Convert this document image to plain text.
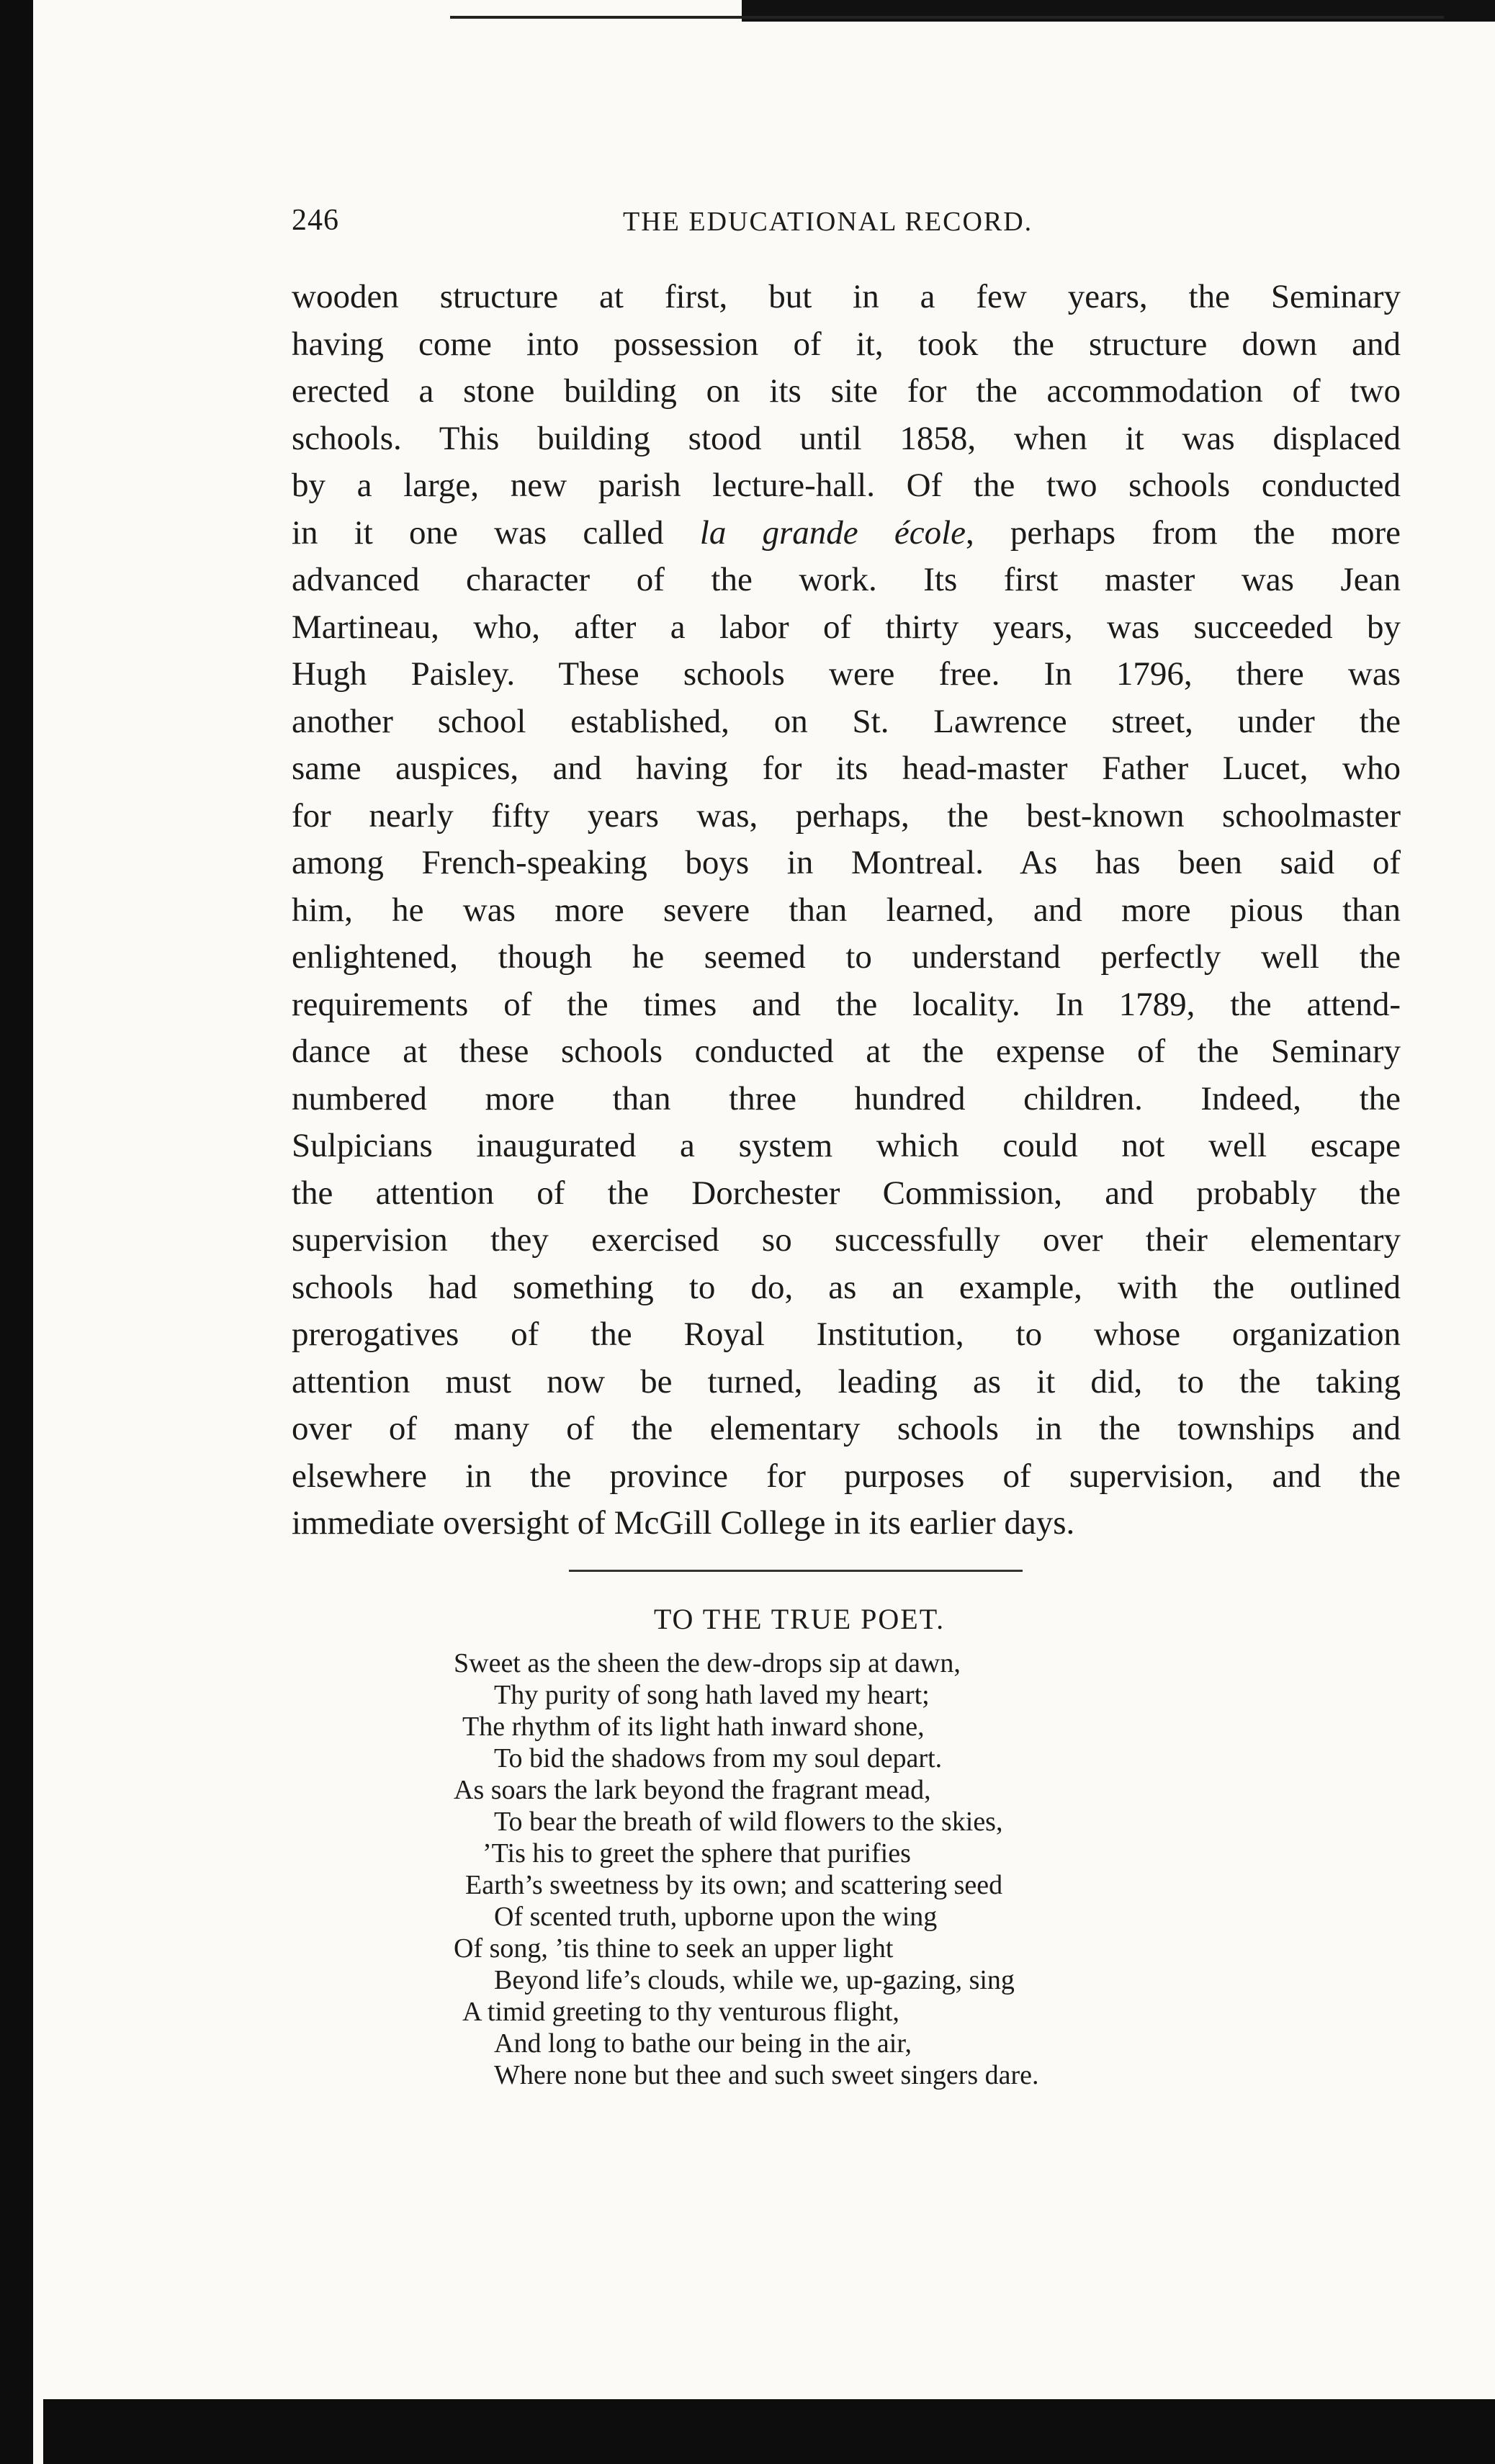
246	THE EDUCATIONAL RECORD.
wooden structure at first, but in a few years, the Seminary
having come into possession of it, took the structure down and
erected a stone building on its site for the accommodation of two
schools. This building stood until 1858, when it was displaced
by a large, new parish lecture-hall. Of the two schools conducted
in it one was called la grande école, perhaps from the more
advanced character of the work. Its first master was Jean
Martineau, who, after a labor of thirty years, was succeeded by
Hugh Paisley. These schools were free. In 1796, there was
another school established, on St. Lawrence street, under the
same auspices, and having for its head-master Father Lucet, who
for nearly fifty years was, perhaps, the best-known schoolmaster
among French-speaking boys in Montreal. As has been said of
him, he was more severe than learned, and more pious than
enlightened, though he seemed to understand perfectly well the
requirements of the times and the locality. In 1789, the attend-
dance at these schools conducted at the expense of the Seminary
numbered more than three hundred children. Indeed, the
Sulpicians inaugurated a system which could not well escape
the attention of the Dorchester Commission, and probably the
supervision they exercised so successfully over their elementary
schools had something to do, as an example, with the outlined
prerogatives of the Royal Institution, to whose organization
attention must now be turned, leading as it did, to the taking
over of many of the elementary schools in the townships and
elsewhere in the province for purposes of supervision, and the
immediate oversight of McGill College in its earlier days.
TO THE TRUE POET.
Sweet as the sheen the dew-drops sip at dawn,
Thy purity of song hath laved my heart;
The rhythm of its light hath inward shone,
To bid the shadows from my soul depart.
As soars the lark beyond the fragrant mead,
To bear the breath of wild flowers to the skies,
’Tis his to greet the sphere that purifies
Earth’s sweetness by its own; and scattering seed
Of scented truth, upborne upon the wing
Of song, ’tis thine to seek an upper light
Beyond life’s clouds, while we, up-gazing, sing
A timid greeting to thy venturous flight,
And long to bathe our being in the air,
Where none but thee and such sweet singers dare.
